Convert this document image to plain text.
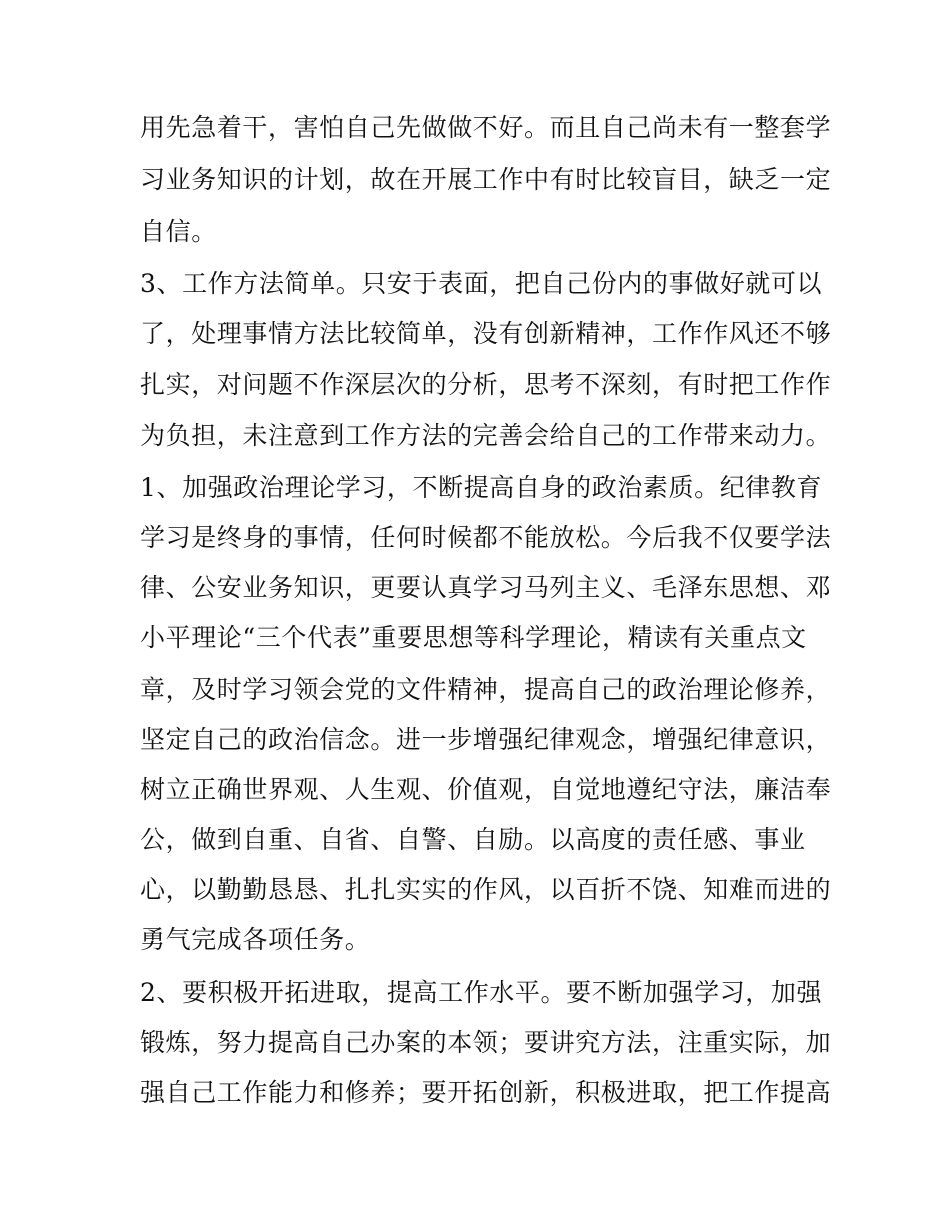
用先急着干，害怕自己先做做不好。而且自己尚未有一整套学
习业务知识的计划，故在开展工作中有时比较盲目，缺乏一定
自信。
3、工作方法简单。只安于表面，把自己份内的事做好就可以
了，处理事情方法比较简单，没有创新精神，工作作风还不够
扎实，对问题不作深层次的分析，思考不深刻，有时把工作作
为负担，未注意到工作方法的完善会给自己的工作带来动力。
1、加强政治理论学习，不断提高自身的政治素质。纪律教育
学习是终身的事情，任何时候都不能放松。今后我不仅要学法
律、公安业务知识，更要认真学习马列主义、毛泽东思想、邓
小平理论“三个代表”重要思想等科学理论，精读有关重点文
章，及时学习领会党的文件精神，提高自己的政治理论修养，
坚定自己的政治信念。进一步增强纪律观念，增强纪律意识，
树立正确世界观、人生观、价值观，自觉地遵纪守法，廉洁奉
公，做到自重、自省、自警、自励。以高度的责任感、事业
心，以勤勤恳恳、扎扎实实的作风，以百折不饶、知难而进的
勇气完成各项任务。
2、要积极开拓进取，提高工作水平。要不断加强学习，加强
锻炼，努力提高自己办案的本领；要讲究方法，注重实际，加
强自己工作能力和修养；要开拓创新，积极进取，把工作提高
